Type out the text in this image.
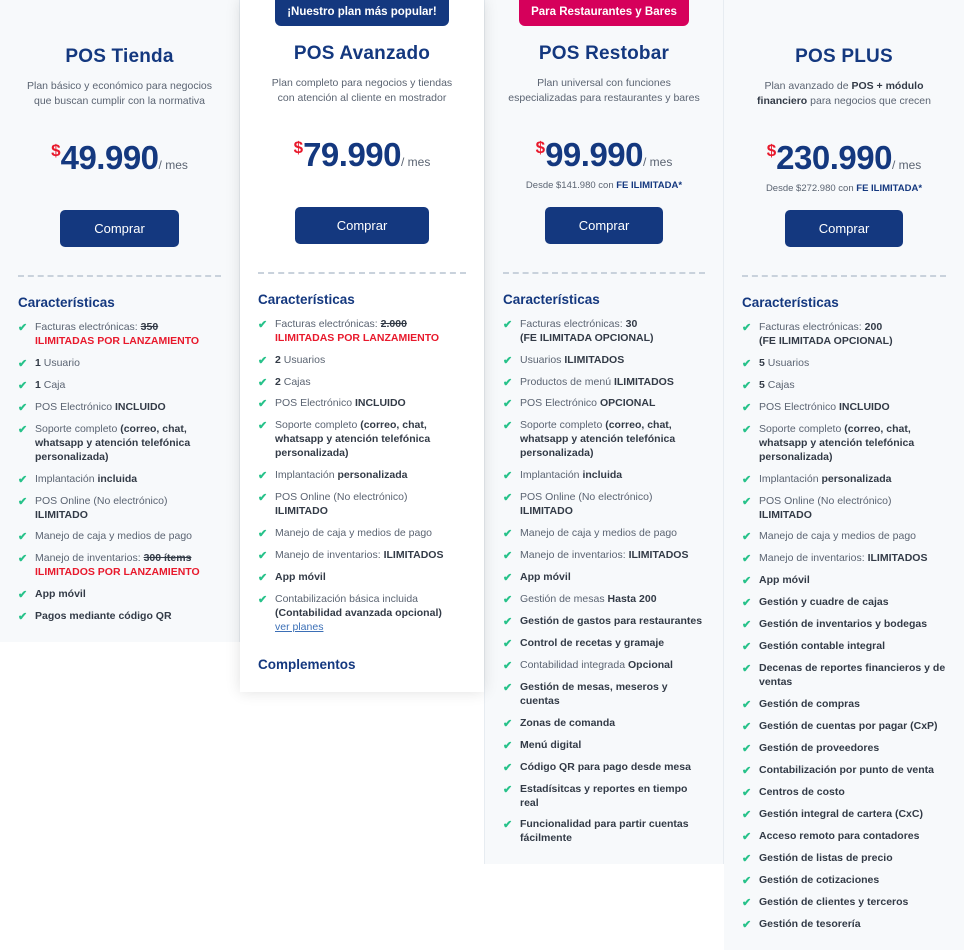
POS Tienda
Plan básico y económico para negocios que buscan cumplir con la normativa
$49.990/ mes
Comprar
Características
✔ Facturas electrónicas: 350
ILIMITADAS POR LANZAMIENTO
✔ 1 Usuario
✔ 1 Caja
✔ POS Electrónico INCLUIDO
✔ Soporte completo (correo, chat, whatsapp y atención telefónica personalizada)
✔ Implantación incluida
✔ POS Online (No electrónico)
ILIMITADO
✔ Manejo de caja y medios de pago
✔ Manejo de inventarios: 300 ítems
ILIMITADOS POR LANZAMIENTO
✔ App móvil
✔ Pagos mediante código QR
¡Nuestro plan más popular!
POS Avanzado
Plan completo para negocios y tiendas con atención al cliente en mostrador
$79.990/ mes
Comprar
Características
✔ Facturas electrónicas: 2.000
ILIMITADAS POR LANZAMIENTO
✔ 2 Usuarios
✔ 2 Cajas
✔ POS Electrónico INCLUIDO
✔ Soporte completo (correo, chat, whatsapp y atención telefónica personalizada)
✔ Implantación personalizada
✔ POS Online (No electrónico)
ILIMITADO
✔ Manejo de caja y medios de pago
✔ Manejo de inventarios: ILIMITADOS
✔ App móvil
✔ Contabilización básica incluida (Contabilidad avanzada opcional)
ver planes
Complementos
Para Restaurantes y Bares
POS Restobar
Plan universal con funciones especializadas para restaurantes y bares
$99.990/ mes
Desde $141.980 con FE ILIMITADA*
Comprar
Características
✔ Facturas electrónicas: 30
(FE ILIMITADA OPCIONAL)
✔ Usuarios ILIMITADOS
✔ Productos de menú ILIMITADOS
✔ POS Electrónico OPCIONAL
✔ Soporte completo (correo, chat, whatsapp y atención telefónica personalizada)
✔ Implantación incluida
✔ POS Online (No electrónico)
ILIMITADO
✔ Manejo de caja y medios de pago
✔ Manejo de inventarios: ILIMITADOS
✔ App móvil
✔ Gestión de mesas Hasta 200
✔ Gestión de gastos para restaurantes
✔ Control de recetas y gramaje
✔ Contabilidad integrada Opcional
✔ Gestión de mesas, meseros y cuentas
✔ Zonas de comanda
✔ Menú digital
✔ Código QR para pago desde mesa
✔ Estadísitcas y reportes en tiempo real
✔ Funcionalidad para partir cuentas fácilmente
POS PLUS
Plan avanzado de POS + módulo financiero para negocios que crecen
$230.990/ mes
Desde $272.980 con FE ILIMITADA*
Comprar
Características
✔ Facturas electrónicas: 200
(FE ILIMITADA OPCIONAL)
✔ 5 Usuarios
✔ 5 Cajas
✔ POS Electrónico INCLUIDO
✔ Soporte completo (correo, chat, whatsapp y atención telefónica personalizada)
✔ Implantación personalizada
✔ POS Online (No electrónico)
ILIMITADO
✔ Manejo de caja y medios de pago
✔ Manejo de inventarios: ILIMITADOS
✔ App móvil
✔ Gestión y cuadre de cajas
✔ Gestión de inventarios y bodegas
✔ Gestión contable integral
✔ Decenas de reportes financieros y de ventas
✔ Gestión de compras
✔ Gestión de cuentas por pagar (CxP)
✔ Gestión de proveedores
✔ Contabilización por punto de venta
✔ Centros de costo
✔ Gestión integral de cartera (CxC)
✔ Acceso remoto para contadores
✔ Gestión de listas de precio
✔ Gestión de cotizaciones
✔ Gestión de clientes y terceros
✔ Gestión de tesorería
